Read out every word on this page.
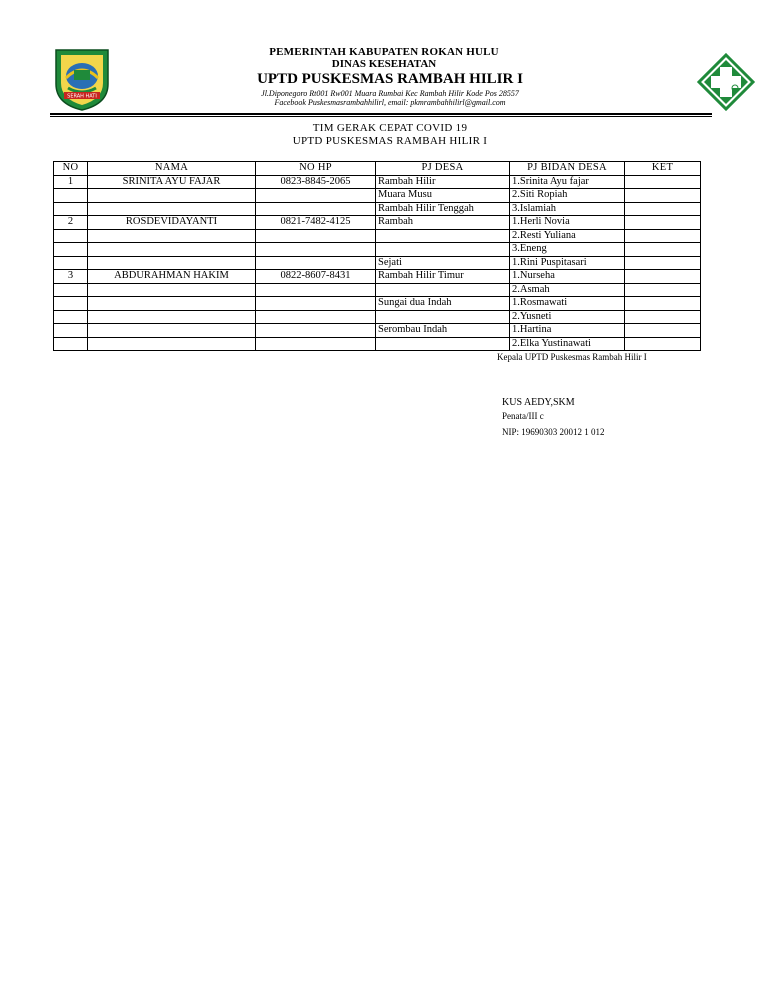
SERAH HATI
PEMERINTAH KABUPATEN ROKAN HULU
DINAS KESEHATAN
UPTD PUSKESMAS RAMBAH HILIR I
Jl.Diponegoro Rt001 Rw001 Muara Rumbai Kec Rambah Hilir Kode Pos 28557
Facebook Puskesmasrambahhilirl, email: pkmrambahhilirl@gmail.com
TIM GERAK CEPAT COVID 19
UPTD PUSKESMAS RAMBAH HILIR I
NO	NAMA	NO HP	PJ DESA	PJ BIDAN DESA	KET
1	SRINITA AYU FAJAR	0823-8845-2065	Rambah Hilir	1.Srinita Ayu fajar	
			Muara Musu	2.Siti Ropiah	
			Rambah Hilir Tenggah	3.Islamiah	
2	ROSDEVIDAYANTI	0821-7482-4125	Rambah	1.Herli Novia	
				2.Resti Yuliana	
				3.Eneng	
			Sejati	1.Rini Puspitasari	
3	ABDURAHMAN HAKIM	0822-8607-8431	Rambah Hilir Timur	1.Nurseha	
				2.Asmah	
			Sungai dua Indah	1.Rosmawati	
				2.Yusneti	
			Serombau Indah	1.Hartina	
				2.Elka Yustinawati	
Kepala UPTD Puskesmas Rambah Hilir I
KUS AEDY,SKM
Penata/III c
NIP: 19690303 20012 1 012
